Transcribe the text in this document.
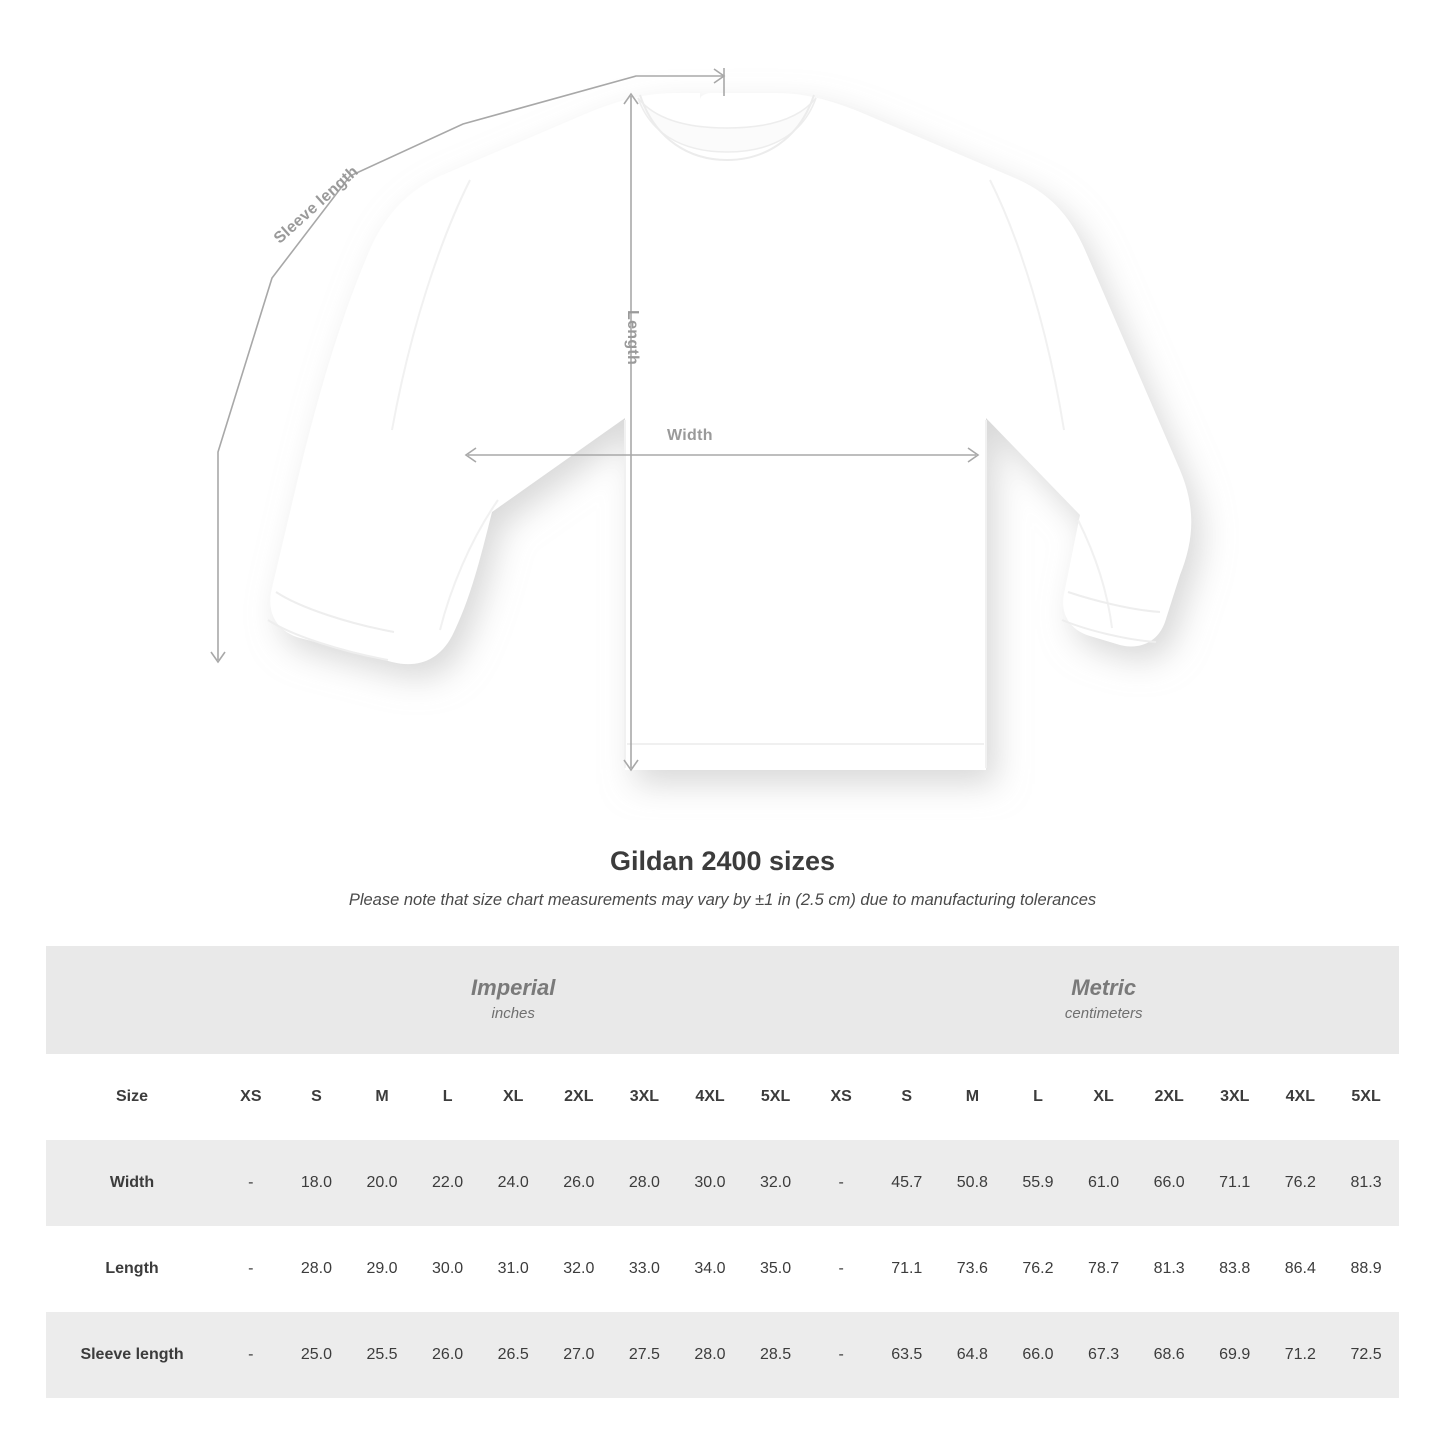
Width
Length
Sleeve length
Gildan 2400 sizes

Please note that size chart measurements may vary by ±1 in (2.5 cm) due to manufacturing tolerances

Imperial
inches

Metric
centimeters

Size	XS	S	M	L	XL	2XL	3XL	4XL	5XL	XS	S	M	L	XL	2XL	3XL	4XL	5XL
Width	-	18.0	20.0	22.0	24.0	26.0	28.0	30.0	32.0	-	45.7	50.8	55.9	61.0	66.0	71.1	76.2	81.3
Length	-	28.0	29.0	30.0	31.0	32.0	33.0	34.0	35.0	-	71.1	73.6	76.2	78.7	81.3	83.8	86.4	88.9
Sleeve length	-	25.0	25.5	26.0	26.5	27.0	27.5	28.0	28.5	-	63.5	64.8	66.0	67.3	68.6	69.9	71.2	72.5
